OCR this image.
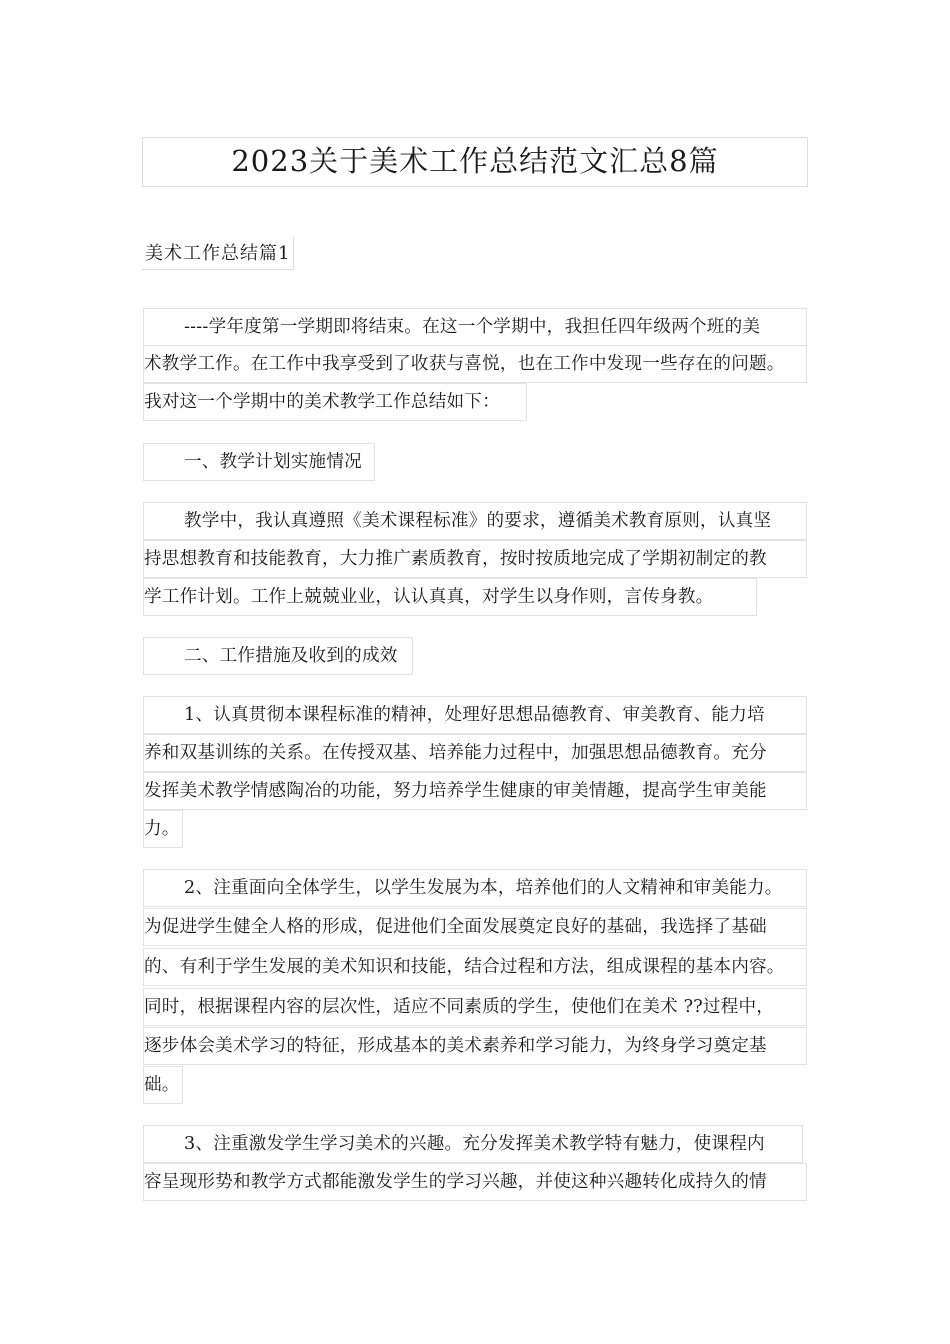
2023关于美术工作总结范文汇总8篇
美术工作总结篇1
----学年度第一学期即将结束。在这一个学期中，我担任四年级两个班的美
术教学工作。在工作中我享受到了收获与喜悦，也在工作中发现一些存在的问题。
我对这一个学期中的美术教学工作总结如下：
一、教学计划实施情况
教学中，我认真遵照《美术课程标准》的要求，遵循美术教育原则，认真坚
持思想教育和技能教育，大力推广素质教育，按时按质地完成了学期初制定的教
学工作计划。工作上兢兢业业，认认真真，对学生以身作则，言传身教。
二、工作措施及收到的成效
1、认真贯彻本课程标准的精神，处理好思想品德教育、审美教育、能力培
养和双基训练的关系。在传授双基、培养能力过程中，加强思想品德教育。充分
发挥美术教学情感陶冶的功能，努力培养学生健康的审美情趣，提高学生审美能
力。
2、注重面向全体学生，以学生发展为本，培养他们的人文精神和审美能力。
为促进学生健全人格的形成，促进他们全面发展奠定良好的基础，我选择了基础
的、有利于学生发展的美术知识和技能，结合过程和方法，组成课程的基本内容。
同时，根据课程内容的层次性，适应不同素质的学生，使他们在美术 ??过程中，
逐步体会美术学习的特征，形成基本的美术素养和学习能力，为终身学习奠定基
础。
3、注重激发学生学习美术的兴趣。充分发挥美术教学特有魅力，使课程内
容呈现形势和教学方式都能激发学生的学习兴趣，并使这种兴趣转化成持久的情
